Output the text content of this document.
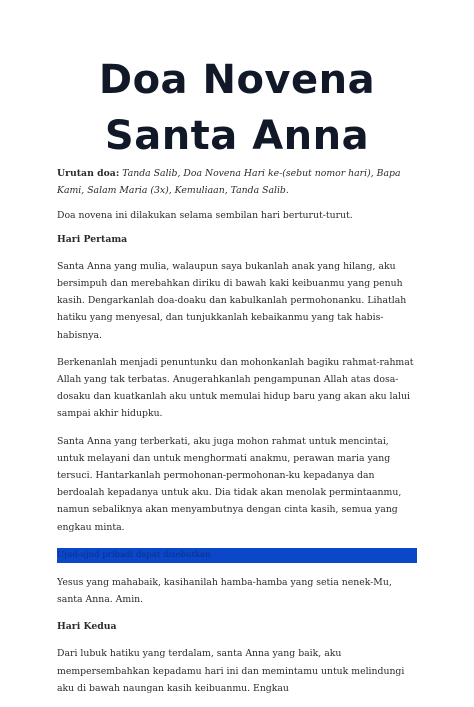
Doa Novena
Santa Anna

Urutan doa: Tanda Salib, Doa Novena Hari ke-(sebut nomor hari), Bapa Kami, Salam Maria (3x), Kemuliaan, Tanda Salib.

Doa novena ini dilakukan selama sembilan hari berturut-turut.

Hari Pertama

Santa Anna yang mulia, walaupun saya bukanlah anak yang hilang, aku bersimpuh dan merebahkan diriku di bawah kaki keibuanmu yang penuh kasih. Dengarkanlah doa-doaku dan kabulkanlah permohonanku. Lihatlah hatiku yang menyesal, dan tunjukkanlah kebaikanmu yang tak habis-habisnya.

Berkenanlah menjadi penuntunku dan mohonkanlah bagiku rahmat-rahmat Allah yang tak terbatas. Anugerahkanlah pengampunan Allah atas dosa-dosaku dan kuatkanlah aku untuk memulai hidup baru yang akan aku lalui sampai akhir hidupku.

Santa Anna yang terberkati, aku juga mohon rahmat untuk mencintai, untuk melayani dan untuk menghormati anakmu, perawan maria yang tersuci. Hantarkanlah permohonan-permohonan-ku kepadanya dan berdoalah kepadanya untuk aku. Dia tidak akan menolak permintaanmu, namun sebaliknya akan menyambutnya dengan cinta kasih, semua yang engkau minta.

Ujud-ujud pribadi dapat disebutkan

Yesus yang mahabaik, kasihanilah hamba-hamba yang setia nenek-Mu, santa Anna. Amin.

Hari Kedua

Dari lubuk hatiku yang terdalam, santa Anna yang baik, aku mempersembahkan kepadamu hari ini dan memintamu untuk melindungi aku di bawah naungan kasih keibuanmu. Engkau
